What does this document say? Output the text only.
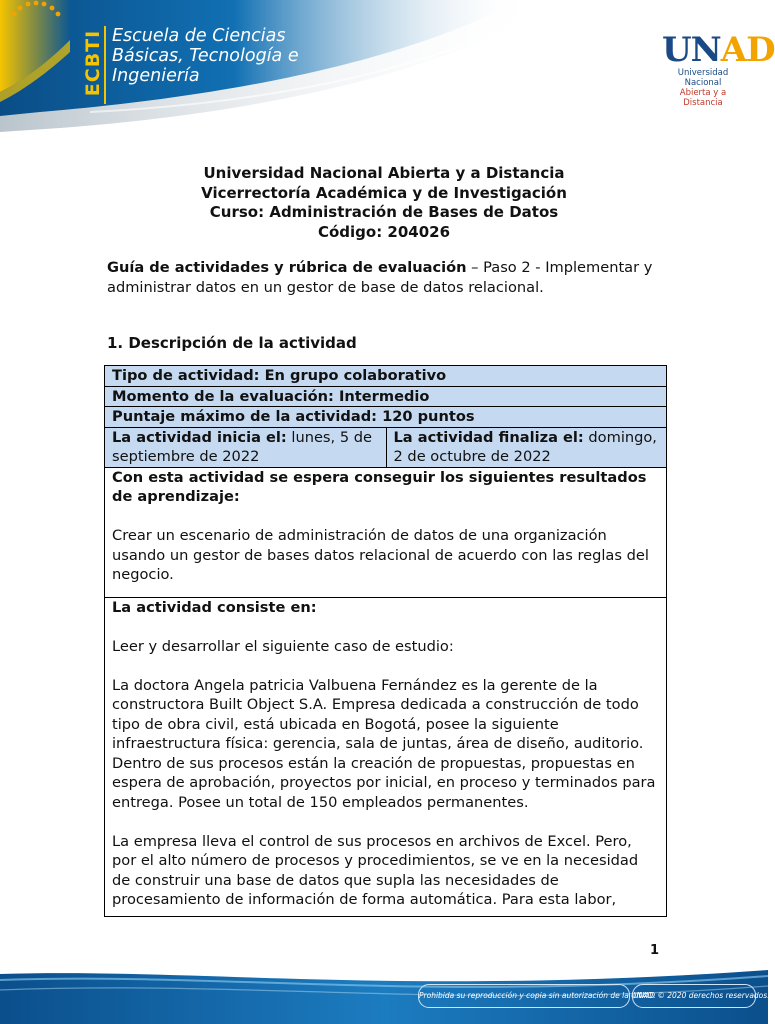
ECBTI Escuela de Ciencias
Básicas, Tecnología e
Ingeniería
UNAD
Universidad Nacional
Abierta y a Distancia
Universidad Nacional Abierta y a Distancia
Vicerrectoría Académica y de Investigación
Curso: Administración de Bases de Datos
Código: 204026
Guía de actividades y rúbrica de evaluación – Paso 2 - Implementar y administrar datos en un gestor de base de datos relacional.
1. Descripción de la actividad
Tipo de actividad: En grupo colaborativo
Momento de la evaluación: Intermedio
Puntaje máximo de la actividad: 120 puntos
La actividad inicia el: lunes, 5 de septiembre de 2022
La actividad finaliza el: domingo, 2 de octubre de 2022

Con esta actividad se espera conseguir los siguientes resultados de aprendizaje:

Crear un escenario de administración de datos de una organización usando un gestor de bases datos relacional de acuerdo con las reglas del negocio.

La actividad consiste en:

Leer y desarrollar el siguiente caso de estudio:

La doctora Angela patricia Valbuena Fernández es la gerente de la constructora Built Object S.A. Empresa dedicada a construcción de todo tipo de obra civil, está ubicada en Bogotá, posee la siguiente infraestructura física: gerencia, sala de juntas, área de diseño, auditorio. Dentro de sus procesos están la creación de propuestas, propuestas en espera de aprobación, proyectos por inicial, en proceso y terminados para entrega. Posee un total de 150 empleados permanentes.

La empresa lleva el control de sus procesos en archivos de Excel. Pero, por el alto número de procesos y procedimientos, se ve en la necesidad de construir una base de datos que supla las necesidades de procesamiento de información de forma automática. Para esta labor,

1
Prohibida su reproducción y copia sin autorización de la UNAD.
UNAD © 2020 derechos reservados.
